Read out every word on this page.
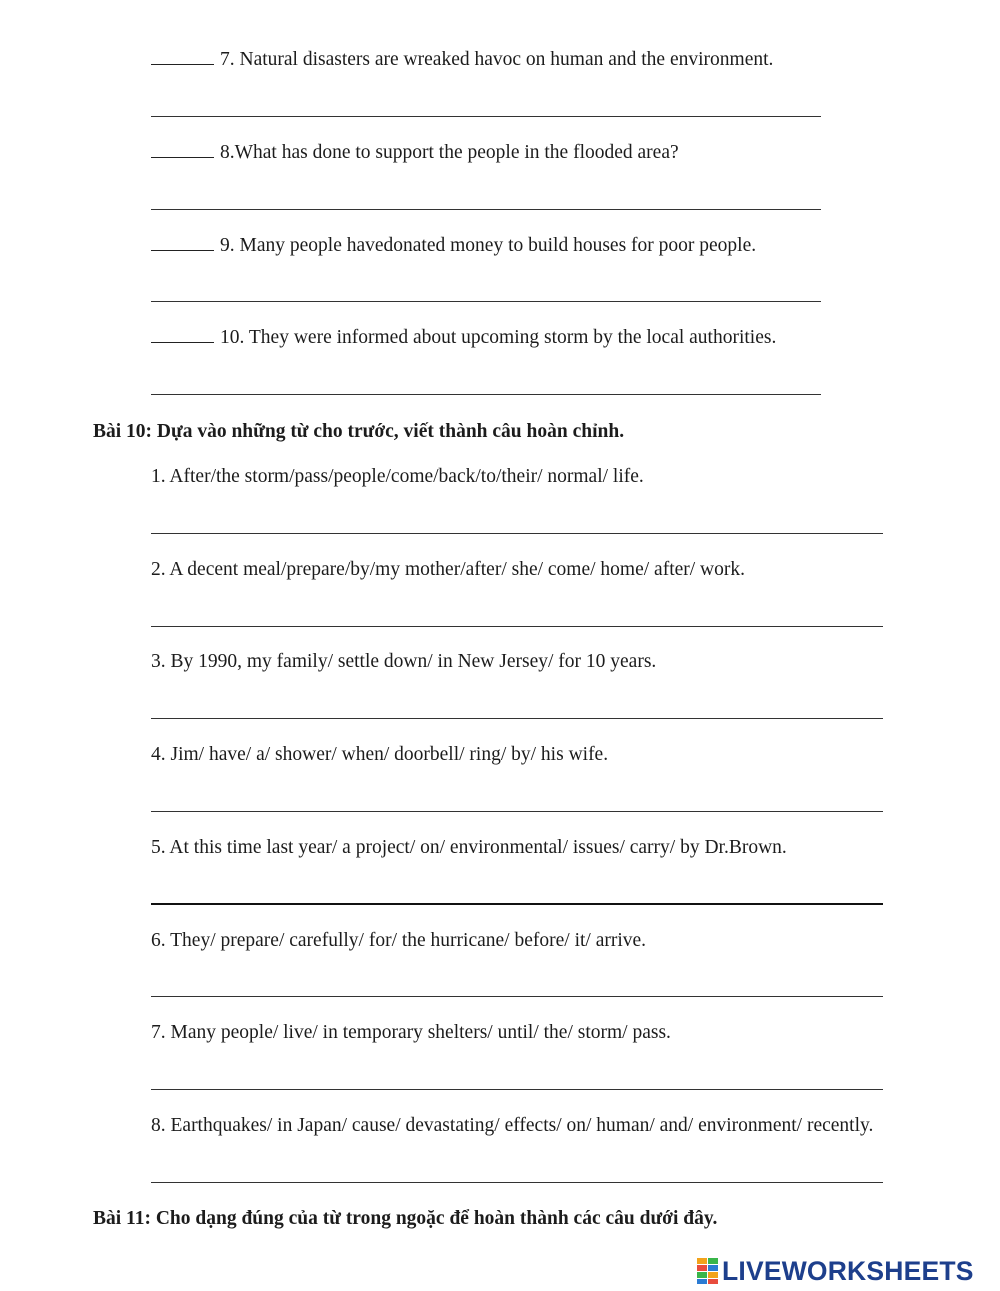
7. Natural disasters are wreaked havoc on human and the environment.
8.What has done to support the people in the flooded area?
9. Many people havedonated money to build houses for poor people.
10. They were informed about upcoming storm by the local authorities.
Bài 10: Dựa vào những từ cho trước, viết thành câu hoàn chỉnh.
1. After/the storm/pass/people/come/back/to/their/ normal/ life.
2. A decent meal/prepare/by/my mother/after/ she/ come/ home/ after/ work.
3. By 1990, my family/ settle down/ in New Jersey/ for 10 years.
4. Jim/ have/ a/ shower/ when/ doorbell/ ring/ by/ his wife.
5. At this time last year/ a project/ on/ environmental/ issues/ carry/ by Dr.Brown.
6. They/ prepare/ carefully/ for/ the hurricane/ before/ it/ arrive.
7. Many people/ live/ in temporary shelters/ until/ the/ storm/ pass.
8. Earthquakes/ in Japan/ cause/ devastating/ effects/ on/ human/ and/ environment/ recently.
Bài 11: Cho dạng đúng của từ trong ngoặc để hoàn thành các câu dưới đây.
LIVEWORKSHEETS
